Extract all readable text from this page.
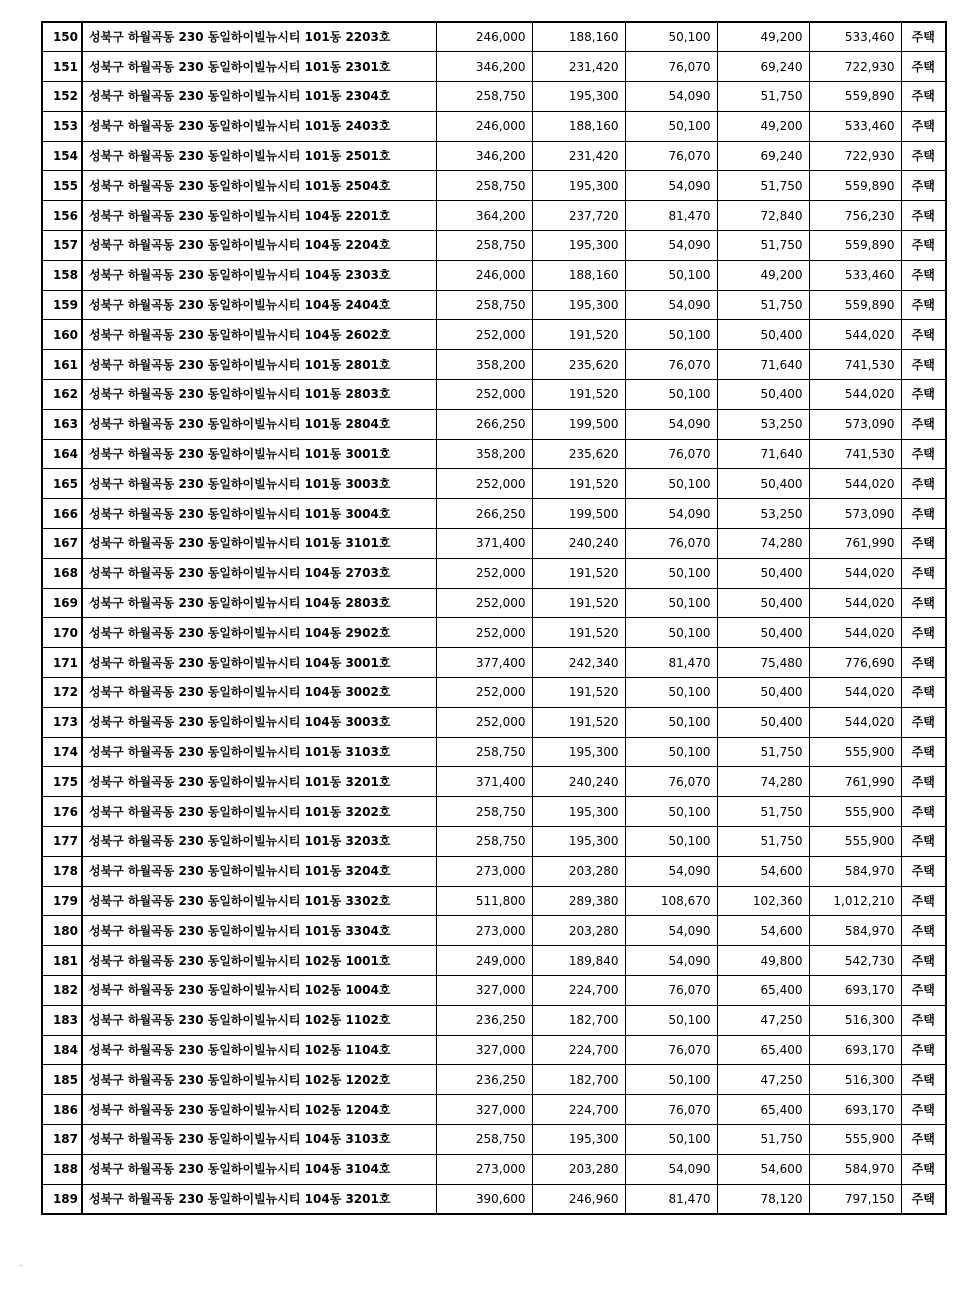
150	성북구 하월곡동 230 동일하이빌뉴시티 101동 2203호	246,000	188,160	50,100	49,200	533,460	주택
151	성북구 하월곡동 230 동일하이빌뉴시티 101동 2301호	346,200	231,420	76,070	69,240	722,930	주택
152	성북구 하월곡동 230 동일하이빌뉴시티 101동 2304호	258,750	195,300	54,090	51,750	559,890	주택
153	성북구 하월곡동 230 동일하이빌뉴시티 101동 2403호	246,000	188,160	50,100	49,200	533,460	주택
154	성북구 하월곡동 230 동일하이빌뉴시티 101동 2501호	346,200	231,420	76,070	69,240	722,930	주택
155	성북구 하월곡동 230 동일하이빌뉴시티 101동 2504호	258,750	195,300	54,090	51,750	559,890	주택
156	성북구 하월곡동 230 동일하이빌뉴시티 104동 2201호	364,200	237,720	81,470	72,840	756,230	주택
157	성북구 하월곡동 230 동일하이빌뉴시티 104동 2204호	258,750	195,300	54,090	51,750	559,890	주택
158	성북구 하월곡동 230 동일하이빌뉴시티 104동 2303호	246,000	188,160	50,100	49,200	533,460	주택
159	성북구 하월곡동 230 동일하이빌뉴시티 104동 2404호	258,750	195,300	54,090	51,750	559,890	주택
160	성북구 하월곡동 230 동일하이빌뉴시티 104동 2602호	252,000	191,520	50,100	50,400	544,020	주택
161	성북구 하월곡동 230 동일하이빌뉴시티 101동 2801호	358,200	235,620	76,070	71,640	741,530	주택
162	성북구 하월곡동 230 동일하이빌뉴시티 101동 2803호	252,000	191,520	50,100	50,400	544,020	주택
163	성북구 하월곡동 230 동일하이빌뉴시티 101동 2804호	266,250	199,500	54,090	53,250	573,090	주택
164	성북구 하월곡동 230 동일하이빌뉴시티 101동 3001호	358,200	235,620	76,070	71,640	741,530	주택
165	성북구 하월곡동 230 동일하이빌뉴시티 101동 3003호	252,000	191,520	50,100	50,400	544,020	주택
166	성북구 하월곡동 230 동일하이빌뉴시티 101동 3004호	266,250	199,500	54,090	53,250	573,090	주택
167	성북구 하월곡동 230 동일하이빌뉴시티 101동 3101호	371,400	240,240	76,070	74,280	761,990	주택
168	성북구 하월곡동 230 동일하이빌뉴시티 104동 2703호	252,000	191,520	50,100	50,400	544,020	주택
169	성북구 하월곡동 230 동일하이빌뉴시티 104동 2803호	252,000	191,520	50,100	50,400	544,020	주택
170	성북구 하월곡동 230 동일하이빌뉴시티 104동 2902호	252,000	191,520	50,100	50,400	544,020	주택
171	성북구 하월곡동 230 동일하이빌뉴시티 104동 3001호	377,400	242,340	81,470	75,480	776,690	주택
172	성북구 하월곡동 230 동일하이빌뉴시티 104동 3002호	252,000	191,520	50,100	50,400	544,020	주택
173	성북구 하월곡동 230 동일하이빌뉴시티 104동 3003호	252,000	191,520	50,100	50,400	544,020	주택
174	성북구 하월곡동 230 동일하이빌뉴시티 101동 3103호	258,750	195,300	50,100	51,750	555,900	주택
175	성북구 하월곡동 230 동일하이빌뉴시티 101동 3201호	371,400	240,240	76,070	74,280	761,990	주택
176	성북구 하월곡동 230 동일하이빌뉴시티 101동 3202호	258,750	195,300	50,100	51,750	555,900	주택
177	성북구 하월곡동 230 동일하이빌뉴시티 101동 3203호	258,750	195,300	50,100	51,750	555,900	주택
178	성북구 하월곡동 230 동일하이빌뉴시티 101동 3204호	273,000	203,280	54,090	54,600	584,970	주택
179	성북구 하월곡동 230 동일하이빌뉴시티 101동 3302호	511,800	289,380	108,670	102,360	1,012,210	주택
180	성북구 하월곡동 230 동일하이빌뉴시티 101동 3304호	273,000	203,280	54,090	54,600	584,970	주택
181	성북구 하월곡동 230 동일하이빌뉴시티 102동 1001호	249,000	189,840	54,090	49,800	542,730	주택
182	성북구 하월곡동 230 동일하이빌뉴시티 102동 1004호	327,000	224,700	76,070	65,400	693,170	주택
183	성북구 하월곡동 230 동일하이빌뉴시티 102동 1102호	236,250	182,700	50,100	47,250	516,300	주택
184	성북구 하월곡동 230 동일하이빌뉴시티 102동 1104호	327,000	224,700	76,070	65,400	693,170	주택
185	성북구 하월곡동 230 동일하이빌뉴시티 102동 1202호	236,250	182,700	50,100	47,250	516,300	주택
186	성북구 하월곡동 230 동일하이빌뉴시티 102동 1204호	327,000	224,700	76,070	65,400	693,170	주택
187	성북구 하월곡동 230 동일하이빌뉴시티 104동 3103호	258,750	195,300	50,100	51,750	555,900	주택
188	성북구 하월곡동 230 동일하이빌뉴시티 104동 3104호	273,000	203,280	54,090	54,600	584,970	주택
189	성북구 하월곡동 230 동일하이빌뉴시티 104동 3201호	390,600	246,960	81,470	78,120	797,150	주택
-
